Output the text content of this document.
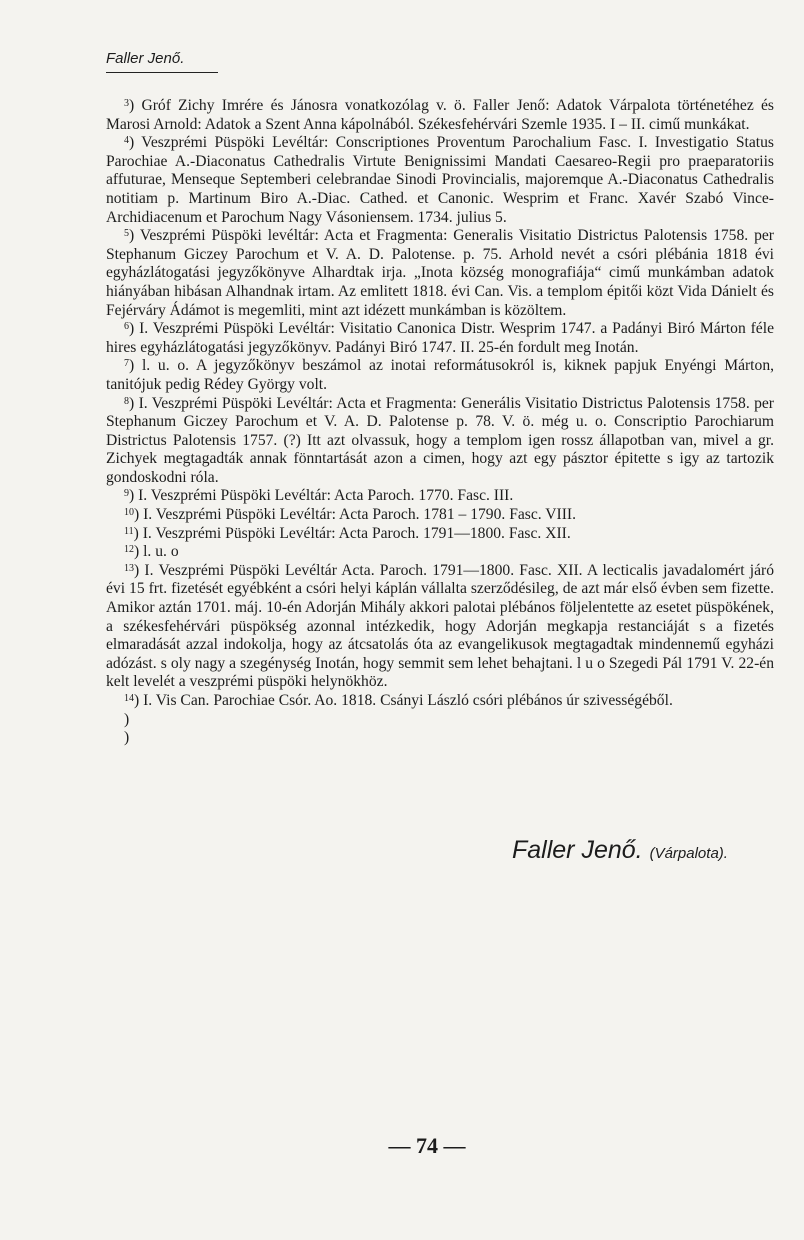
Faller Jenő.

$^3$) Gróf Zichy Imrére és Jánosra vonatkozólag v. ö. Faller Jenő: Adatok Várpalota történetéhez és Marosi Arnold: Adatok a Szent Anna kápolnából. Székesfehérvári Szemle 1935. I – II. cimű munkákat.

$^4$) Veszprémi Püspöki Levéltár: Conscriptiones Proventum Parochalium Fasc. I. Investigatio Status Parochiae A.-Diaconatus Cathedralis Virtute Benignissimi Mandati Caesareo-Regii pro praeparatoriis affuturae, Menseque Septemberi celebrandae Sinodi Provincialis, majoremque A.-Diaconatus Cathedralis notitiam p. Martinum Biro A.-Diac. Cathed. et Canonic. Wesprim et Franc. Xavér Szabó Vince-Archidiacenum et Parochum Nagy Vásoniensem. 1734. julius 5.

$^5$) Veszprémi Püspöki levéltár: Acta et Fragmenta: Generalis Visitatio Districtus Palotensis 1758. per Stephanum Giczey Parochum et V. A. D. Palotense. p. 75. Arhold nevét a csóri plébánia 1818 évi egyházlátogatási jegyzőkönyve Alhardtak irja. „Inota község monografiája“ cimű munkámban adatok hiányában hibásan Alhandnak irtam. Az emlitett 1818. évi Can. Vis. a templom épitői közt Vida Dánielt és Fejérváry Ádámot is megemliti, mint azt idézett munkámban is közöltem.

$^6$) I. Veszprémi Püspöki Levéltár: Visitatio Canonica Distr. Wesprim 1747. a Padányi Biró Márton féle hires egyházlátogatási jegyzőkönyv. Padányi Biró 1747. II. 25-én fordult meg Inotán.

$^7$) l. u. o. A jegyzőkönyv beszámol az inotai reformátusokról is, kiknek papjuk Enyéngi Márton, tanitójuk pedig Rédey György volt.

$^8$) I. Veszprémi Püspöki Levéltár: Acta et Fragmenta: Generális Visitatio Districtus Palotensis 1758. per Stephanum Giczey Parochum et V. A. D. Palotense p. 78. V. ö. még u. o. Conscriptio Parochiarum Districtus Palotensis 1757. (?) Itt azt olvassuk, hogy a templom igen rossz állapotban van, mivel a gr. Zichyek megtagadták annak fönntartását azon a cimen, hogy azt egy pásztor épitette s igy az tartozik gondoskodni róla.

$^9$) I. Veszprémi Püspöki Levéltár: Acta Paroch. 1770. Fasc. III.

$^{10}$) I. Veszprémi Püspöki Levéltár: Acta Paroch. 1781 – 1790. Fasc. VIII.

$^{11}$) I. Veszprémi Püspöki Levéltár: Acta Paroch. 1791—1800. Fasc. XII.

$^{12}$) l. u. o

$^{13}$) I. Veszprémi Püspöki Levéltár Acta. Paroch. 1791—1800. Fasc. XII. A lecticalis javadalomért járó évi 15 frt. fizetését egyébként a csóri helyi káplán vállalta szerződésileg, de azt már első évben sem fizette. Amikor aztán 1701. máj. 10-én Adorján Mihály akkori palotai plébános följelentette az esetet püspökének, a székesfehérvári püspökség azonnal intézkedik, hogy Adorján megkapja restanciáját s a fizetés elmaradását azzal indokolja, hogy az átcsatolás óta az evangelikusok megtagadtak mindennemű egyházi adózást. s oly nagy a szegénység Inotán, hogy semmit sem lehet behajtani. l u o Szegedi Pál 1791 V. 22-én kelt levelét a veszprémi püspöki helynökhöz.

$^{14}$) I. Vis Can. Parochiae Csór. Ao. 1818. Csányi László csóri plébános úr szivességéből.

)

)

Faller Jenő. (Várpalota).
— 74 —
